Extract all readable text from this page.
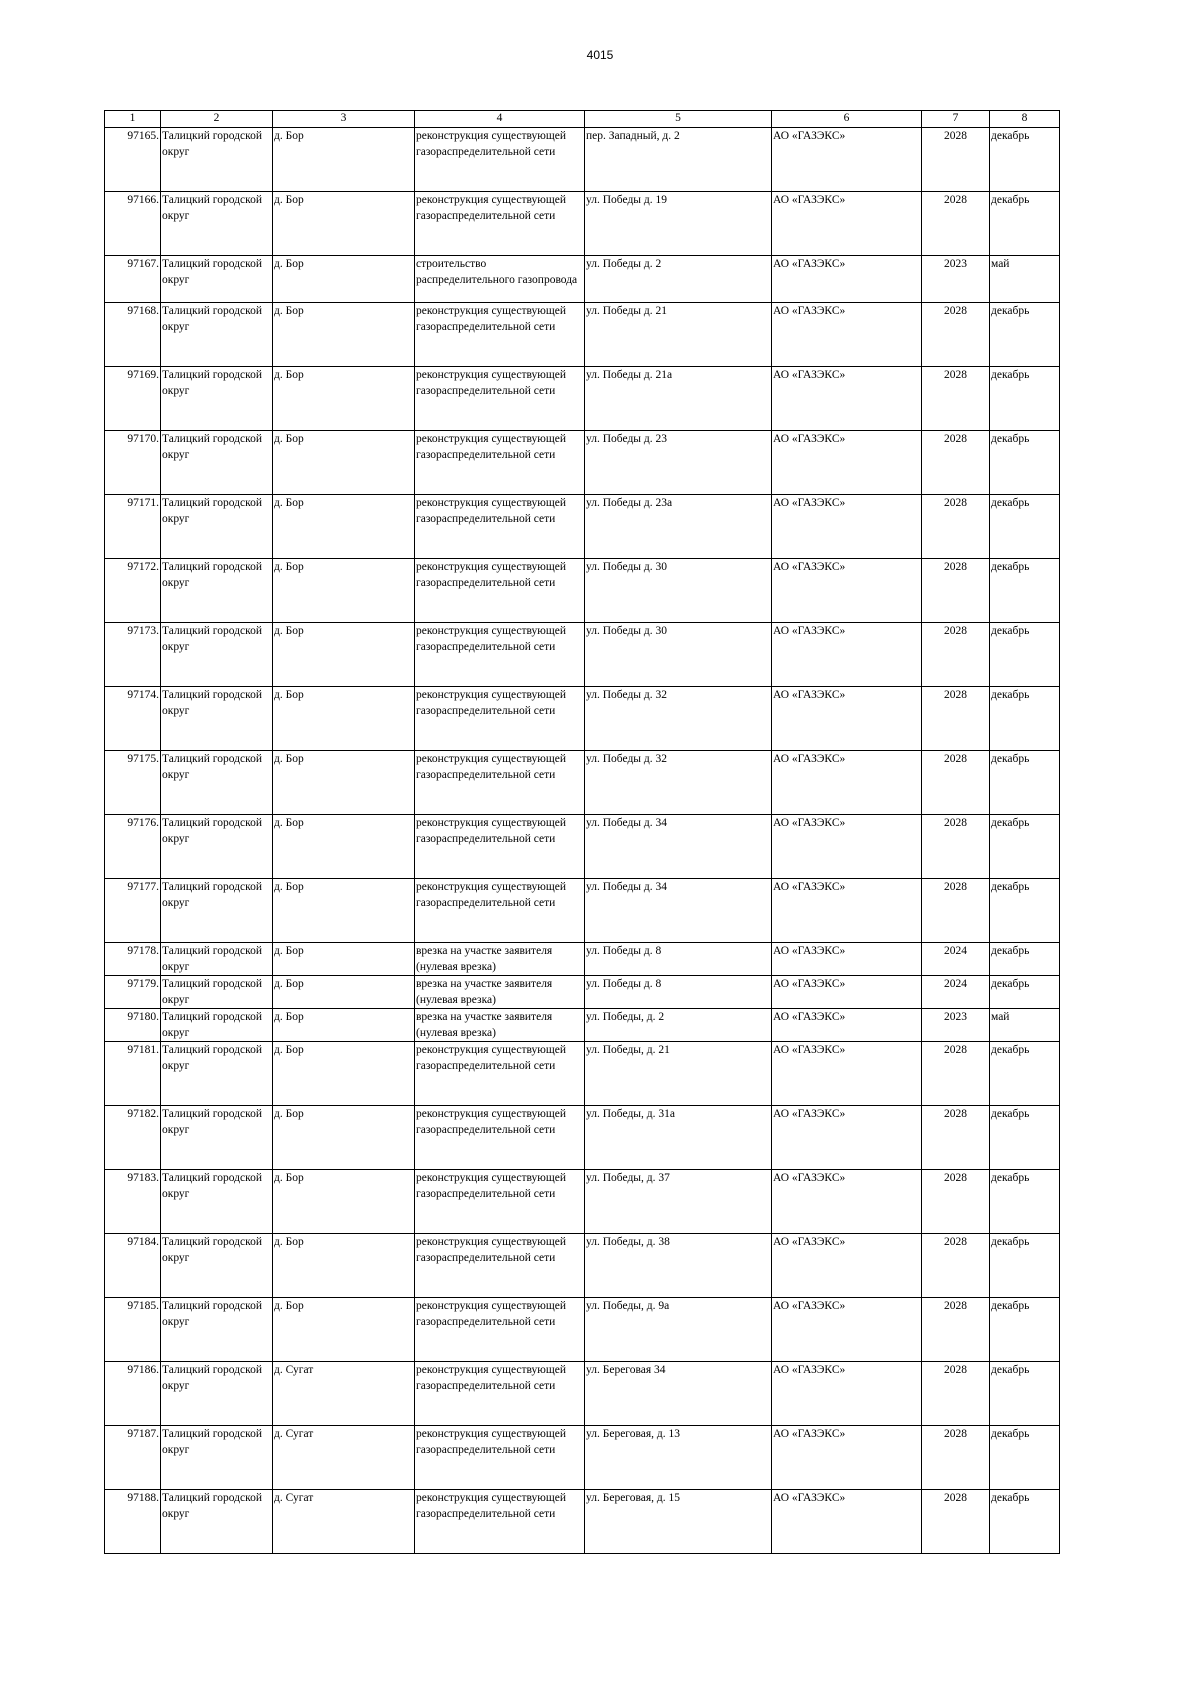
4015
1	2	3	4	5	6	7	8
97165.	Талицкий городской округ	д. Бор	реконструкция существующей газораспределительной сети	пер. Западный, д. 2	АО «ГАЗЭКС»	2028	декабрь
97166.	Талицкий городской округ	д. Бор	реконструкция существующей газораспределительной сети	ул. Победы д. 19	АО «ГАЗЭКС»	2028	декабрь
97167.	Талицкий городской округ	д. Бор	строительство распределительного газопровода	ул. Победы д. 2	АО «ГАЗЭКС»	2023	май
97168.	Талицкий городской округ	д. Бор	реконструкция существующей газораспределительной сети	ул. Победы д. 21	АО «ГАЗЭКС»	2028	декабрь
97169.	Талицкий городской округ	д. Бор	реконструкция существующей газораспределительной сети	ул. Победы д. 21а	АО «ГАЗЭКС»	2028	декабрь
97170.	Талицкий городской округ	д. Бор	реконструкция существующей газораспределительной сети	ул. Победы д. 23	АО «ГАЗЭКС»	2028	декабрь
97171.	Талицкий городской округ	д. Бор	реконструкция существующей газораспределительной сети	ул. Победы д. 23а	АО «ГАЗЭКС»	2028	декабрь
97172.	Талицкий городской округ	д. Бор	реконструкция существующей газораспределительной сети	ул. Победы д. 30	АО «ГАЗЭКС»	2028	декабрь
97173.	Талицкий городской округ	д. Бор	реконструкция существующей газораспределительной сети	ул. Победы д. 30	АО «ГАЗЭКС»	2028	декабрь
97174.	Талицкий городской округ	д. Бор	реконструкция существующей газораспределительной сети	ул. Победы д. 32	АО «ГАЗЭКС»	2028	декабрь
97175.	Талицкий городской округ	д. Бор	реконструкция существующей газораспределительной сети	ул. Победы д. 32	АО «ГАЗЭКС»	2028	декабрь
97176.	Талицкий городской округ	д. Бор	реконструкция существующей газораспределительной сети	ул. Победы д. 34	АО «ГАЗЭКС»	2028	декабрь
97177.	Талицкий городской округ	д. Бор	реконструкция существующей газораспределительной сети	ул. Победы д. 34	АО «ГАЗЭКС»	2028	декабрь
97178.	Талицкий городской округ	д. Бор	врезка на участке заявителя (нулевая врезка)	ул. Победы д. 8	АО «ГАЗЭКС»	2024	декабрь
97179.	Талицкий городской округ	д. Бор	врезка на участке заявителя (нулевая врезка)	ул. Победы д. 8	АО «ГАЗЭКС»	2024	декабрь
97180.	Талицкий городской округ	д. Бор	врезка на участке заявителя (нулевая врезка)	ул. Победы, д. 2	АО «ГАЗЭКС»	2023	май
97181.	Талицкий городской округ	д. Бор	реконструкция существующей газораспределительной сети	ул. Победы, д. 21	АО «ГАЗЭКС»	2028	декабрь
97182.	Талицкий городской округ	д. Бор	реконструкция существующей газораспределительной сети	ул. Победы, д. 31а	АО «ГАЗЭКС»	2028	декабрь
97183.	Талицкий городской округ	д. Бор	реконструкция существующей газораспределительной сети	ул. Победы, д. 37	АО «ГАЗЭКС»	2028	декабрь
97184.	Талицкий городской округ	д. Бор	реконструкция существующей газораспределительной сети	ул. Победы, д. 38	АО «ГАЗЭКС»	2028	декабрь
97185.	Талицкий городской округ	д. Бор	реконструкция существующей газораспределительной сети	ул. Победы, д. 9а	АО «ГАЗЭКС»	2028	декабрь
97186.	Талицкий городской округ	д. Сугат	реконструкция существующей газораспределительной сети	ул. Береговая 34	АО «ГАЗЭКС»	2028	декабрь
97187.	Талицкий городской округ	д. Сугат	реконструкция существующей газораспределительной сети	ул. Береговая, д. 13	АО «ГАЗЭКС»	2028	декабрь
97188.	Талицкий городской округ	д. Сугат	реконструкция существующей газораспределительной сети	ул. Береговая, д. 15	АО «ГАЗЭКС»	2028	декабрь
